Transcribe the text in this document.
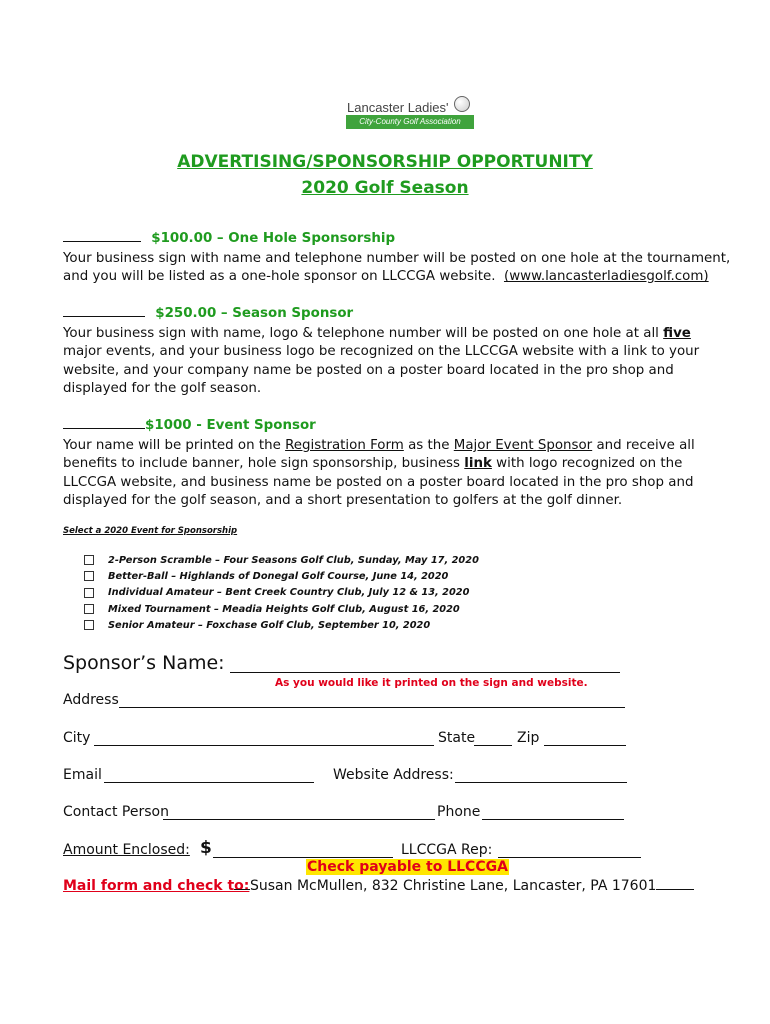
Lancaster Ladies'
City-County Golf Association
ADVERTISING/SPONSORSHIP OPPORTUNITY
2020 Golf Season
$100.00 – One Hole Sponsorship
Your business sign with name and telephone number will be posted on one hole at the tournament, and you will be listed as a one-hole sponsor on LLCCGA website. (www.lancasterladiesgolf.com)
$250.00 – Season Sponsor
Your business sign with name, logo & telephone number will be posted on one hole at all five major events, and your business logo be recognized on the LLCCGA website with a link to your website, and your company name be posted on a poster board located in the pro shop and displayed for the golf season.
$1000 - Event Sponsor
Your name will be printed on the Registration Form as the Major Event Sponsor and receive all benefits to include banner, hole sign sponsorship, business link with logo recognized on the LLCCGA website, and business name be posted on a poster board located in the pro shop and displayed for the golf season, and a short presentation to golfers at the golf dinner.
Select a 2020 Event for Sponsorship
2-Person Scramble – Four Seasons Golf Club, Sunday, May 17, 2020
Better-Ball – Highlands of Donegal Golf Course, June 14, 2020
Individual Amateur – Bent Creek Country Club, July 12 & 13, 2020
Mixed Tournament – Meadia Heights Golf Club, August 16, 2020
Senior Amateur – Foxchase Golf Club, September 10, 2020
Sponsor’s Name:
As you would like it printed on the sign and website.
Address
City	State	Zip
Email	Website Address:
Contact Person	Phone
Amount Enclosed: $	LLCCGA Rep:
Check payable to LLCCGA
Mail form and check to: Susan McMullen, 832 Christine Lane, Lancaster, PA 17601
